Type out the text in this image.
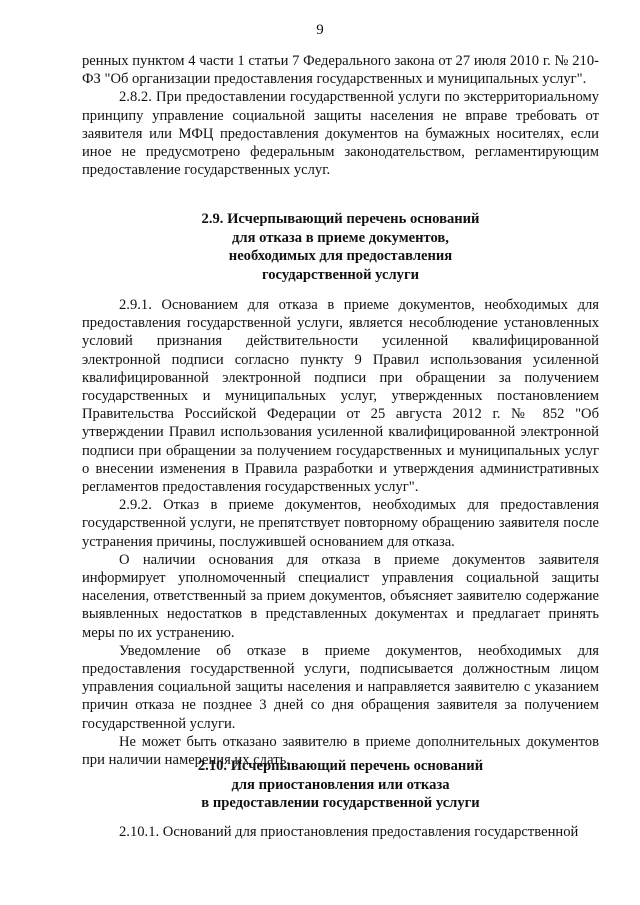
9

ренных пунктом 4 части 1 статьи 7 Федерального закона от 27 июля 2010 г. № 210-ФЗ "Об организации предоставления государственных и муниципальных услуг".

2.8.2. При предоставлении государственной услуги по экстерриториальному принципу управление социальной защиты населения не вправе требовать от заявителя или МФЦ предоставления документов на бумажных носителях, если иное не предусмотрено федеральным законодательством, регламентирующим предоставление государственных услуг.

2.9. Исчерпывающий перечень оснований
для отказа в приеме документов,
необходимых для предоставления
государственной услуги

2.9.1. Основанием для отказа в приеме документов, необходимых для предоставления государственной услуги, является несоблюдение установленных условий признания действительности усиленной квалифицированной электронной подписи согласно пункту 9 Правил использования усиленной квалифицированной электронной подписи при обращении за получением государственных и муниципальных услуг, утвержденных постановлением Правительства Российской Федерации от 25 августа 2012 г. № 852 "Об утверждении Правил использования усиленной квалифицированной электронной подписи при обращении за получением государственных и муниципальных услуг о внесении изменения в Правила разработки и утверждения административных регламентов предоставления государственных услуг".

2.9.2. Отказ в приеме документов, необходимых для предоставления государственной услуги, не препятствует повторному обращению заявителя после устранения причины, послужившей основанием для отказа.

О наличии основания для отказа в приеме документов заявителя информирует уполномоченный специалист управления социальной защиты населения, ответственный за прием документов, объясняет заявителю содержание выявленных недостатков в представленных документах и предлагает принять меры по их устранению.

Уведомление об отказе в приеме документов, необходимых для предоставления государственной услуги, подписывается должностным лицом управления социальной защиты населения и направляется заявителю с указанием причин отказа не позднее 3 дней со дня обращения заявителя за получением государственной услуги.

Не может быть отказано заявителю в приеме дополнительных документов при наличии намерения их сдать.

2.10. Исчерпывающий перечень оснований
для приостановления или отказа
в предоставлении государственной услуги

2.10.1. Оснований для приостановления предоставления государственной
